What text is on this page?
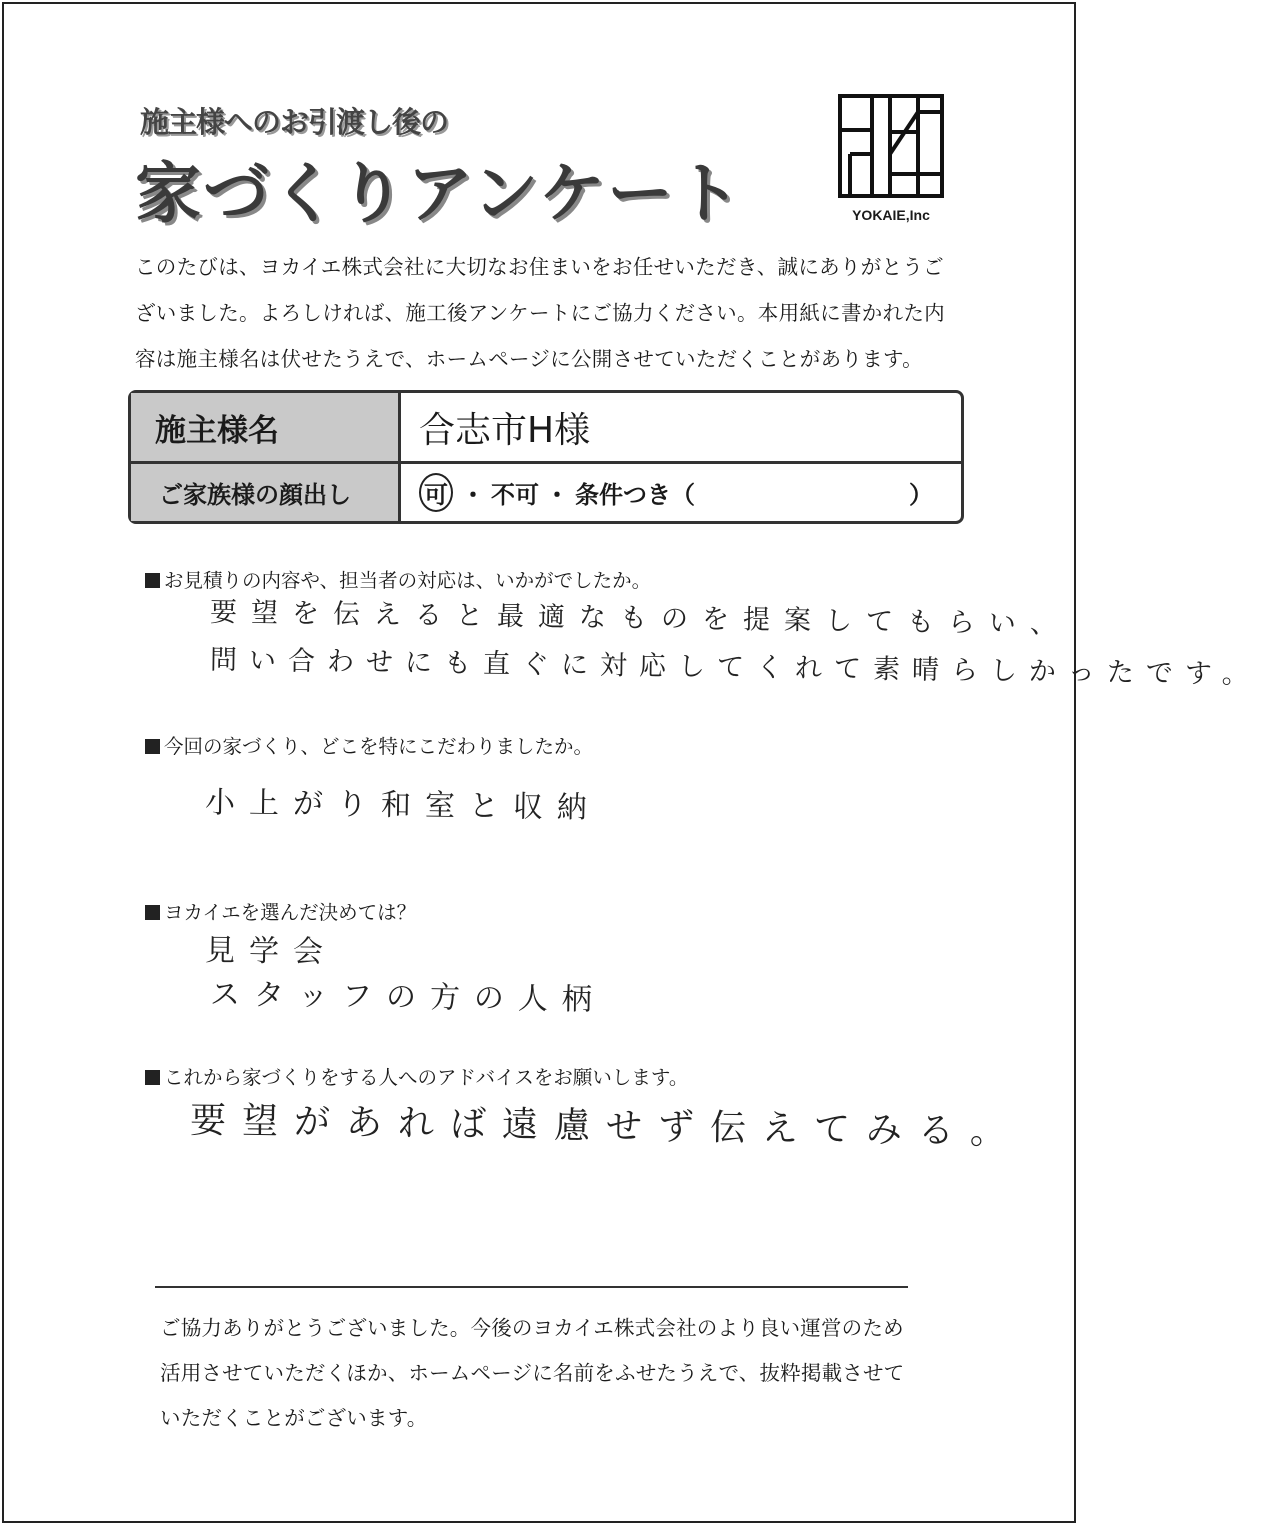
施主様へのお引渡し後の
家づくりアンケート	YOKAIE,Inc
このたびは、ヨカイエ株式会社に大切なお住まいをお任せいただき、誠にありがとうご
ざいました。よろしければ、施工後アンケートにご協力ください。本用紙に書かれた内
容は施主様名は伏せたうえで、ホームページに公開させていただくことがあります。
施主様名	合志市H様
ご家族様の顔出し	可 ・ 不可 ・ 条件つき（	）
お見積りの内容や、担当者の対応は、いかがでしたか。
要望を伝えると最適なものを提案してもらい、
問い合わせにも直ぐに対応してくれて素晴らしかったです。
今回の家づくり、どこを特にこだわりましたか。
小上がり和室と収納
ヨカイエを選んだ決めては？
見学会
スタッフの方の人柄
これから家づくりをする人へのアドバイスをお願いします。
要望があれば遠慮せず伝えてみる。
ご協力ありがとうございました。今後のヨカイエ株式会社のより良い運営のため
活用させていただくほか、ホームページに名前をふせたうえで、抜粋掲載させて
いただくことがございます。
